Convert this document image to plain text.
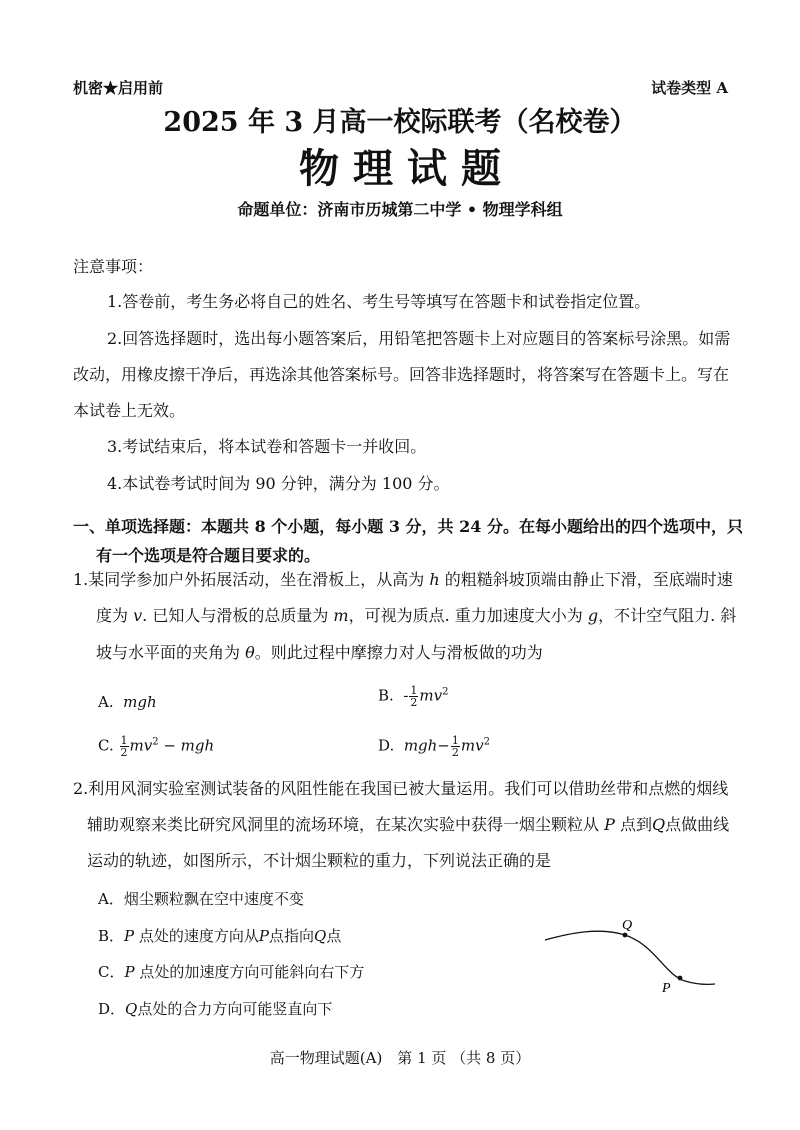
机密★启用前	试卷类型 A
2025 年 3 月高一校际联考（名校卷）
物理试题
命题单位：济南市历城第二中学 • 物理学科组
注意事项：
1.答卷前，考生务必将自己的姓名、考生号等填写在答题卡和试卷指定位置。
2.回答选择题时，选出每小题答案后，用铅笔把答题卡上对应题目的答案标号涂黑。如需
改动，用橡皮擦干净后，再选涂其他答案标号。回答非选择题时，将答案写在答题卡上。写在
本试卷上无效。
3.考试结束后，将本试卷和答题卡一并收回。
4.本试卷考试时间为 90 分钟，满分为 100 分。
一、单项选择题：本题共 8 个小题，每小题 3 分，共 24 分。在每小题给出的四个选项中，只
有一个选项是符合题目要求的。
1.某同学参加户外拓展活动，坐在滑板上，从高为 h 的粗糙斜坡顶端由静止下滑，至底端时速
度为 v. 已知人与滑板的总质量为 m，可视为质点. 重力加速度大小为 g，不计空气阻力. 斜
坡与水平面的夹角为 θ。则此过程中摩擦力对人与滑板做的功为
A. mgh	B. - $\frac{1}{2} mv^2$
C. $\frac{1}{2} mv^2$ − mgh	D. $mgh- \frac{1}{2} mv^2$
2.利用风洞实验室测试装备的风阻性能在我国已被大量运用。我们可以借助丝带和点燃的烟线
辅助观察来类比研究风洞里的流场环境，在某次实验中获得一烟尘颗粒从 P 点到Q点做曲线
运动的轨迹，如图所示，不计烟尘颗粒的重力，下列说法正确的是
A．烟尘颗粒飘在空中速度不变
B．P 点处的速度方向从P点指向Q点
C．P 点处的加速度方向可能斜向右下方
D．Q点处的合力方向可能竖直向下
Q
P
高一物理试题(A)　第 1 页 （共 8 页）
